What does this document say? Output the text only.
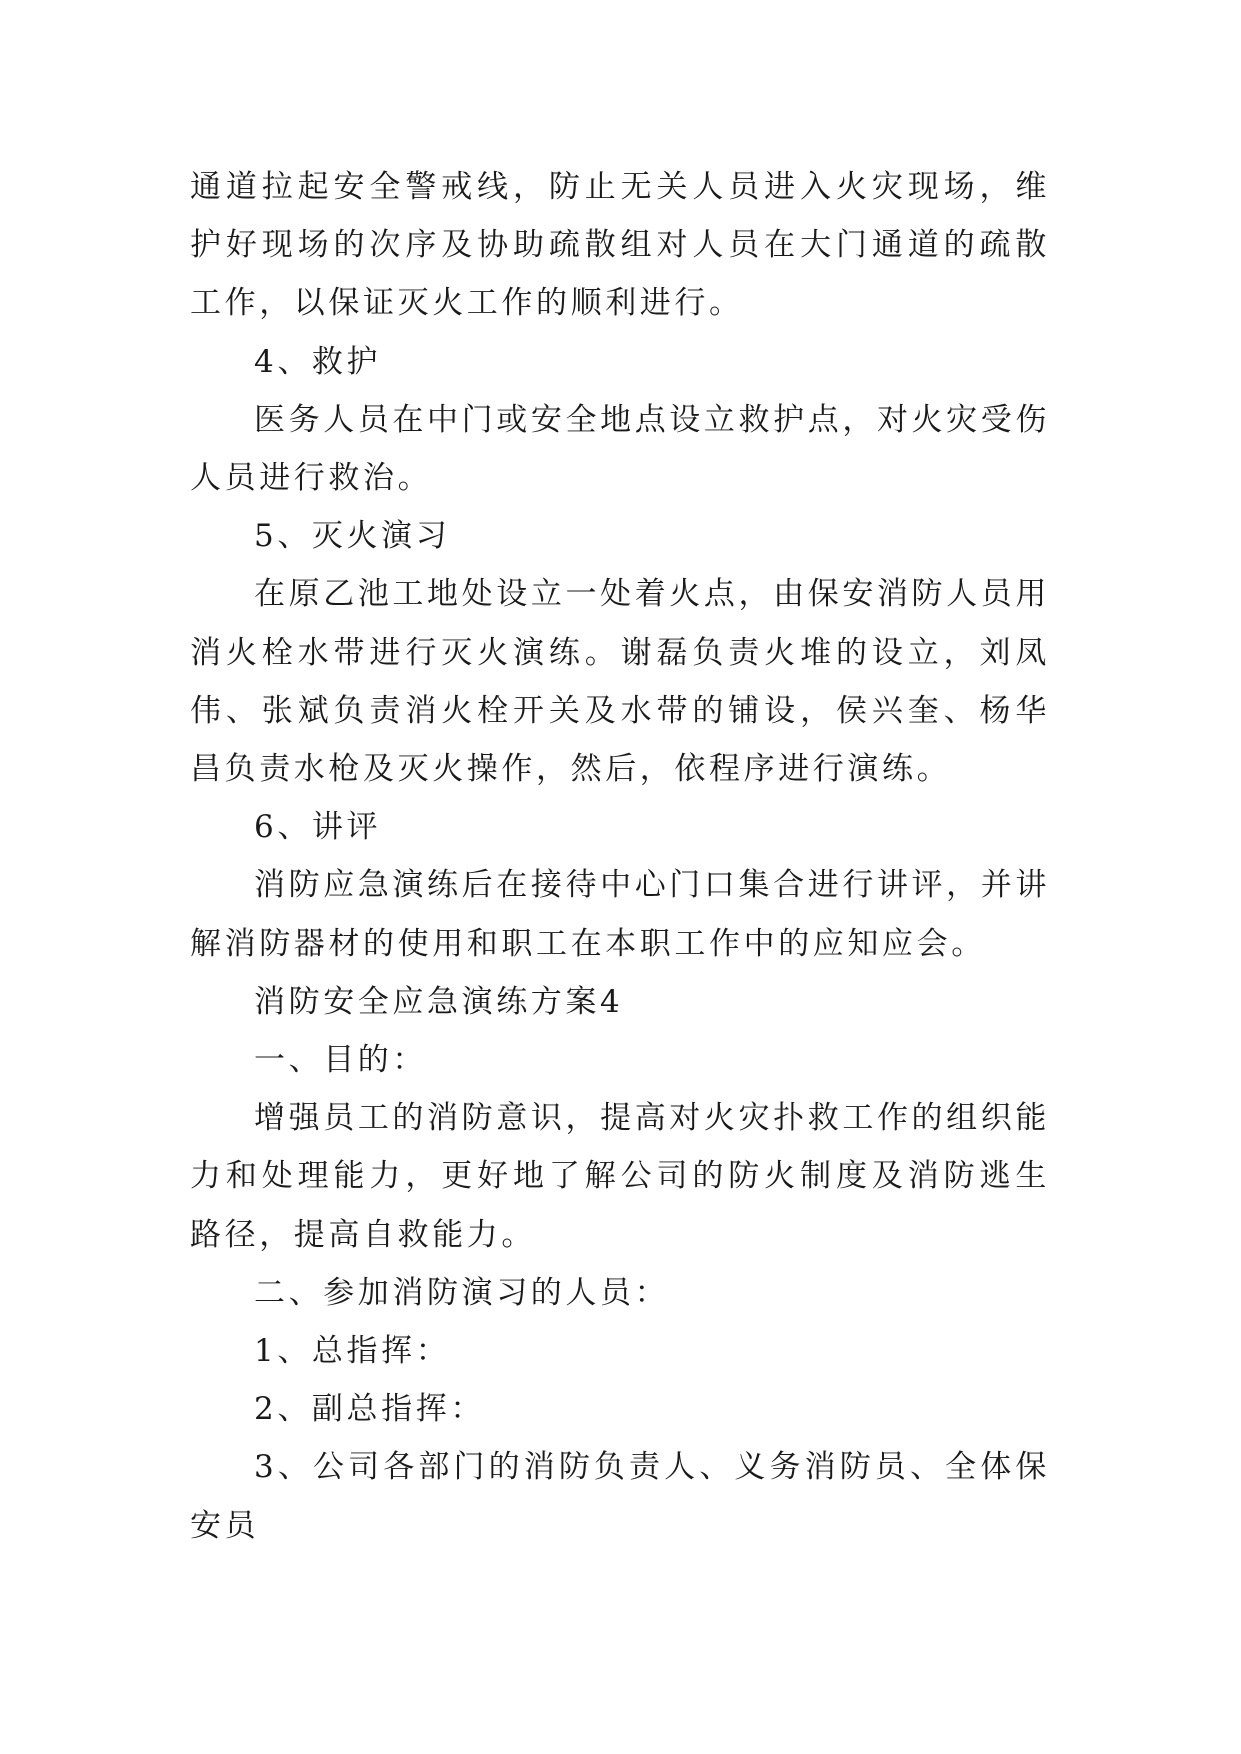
通道拉起安全警戒线，防止无关人员进入火灾现场，维护好现场的次序及协助疏散组对人员在大门通道的疏散工作，以保证灭火工作的顺利进行。

4、救护

医务人员在中门或安全地点设立救护点，对火灾受伤人员进行救治。

5、灭火演习

在原乙池工地处设立一处着火点，由保安消防人员用消火栓水带进行灭火演练。谢磊负责火堆的设立，刘凤伟、张斌负责消火栓开关及水带的铺设，侯兴奎、杨华昌负责水枪及灭火操作，然后，依程序进行演练。

6、讲评

消防应急演练后在接待中心门口集合进行讲评，并讲解消防器材的使用和职工在本职工作中的应知应会。

消防安全应急演练方案4

一、目的：

增强员工的消防意识，提高对火灾扑救工作的组织能力和处理能力，更好地了解公司的防火制度及消防逃生路径，提高自救能力。

二、参加消防演习的人员：

1、总指挥：

2、副总指挥：

3、公司各部门的消防负责人、义务消防员、全体保安员
